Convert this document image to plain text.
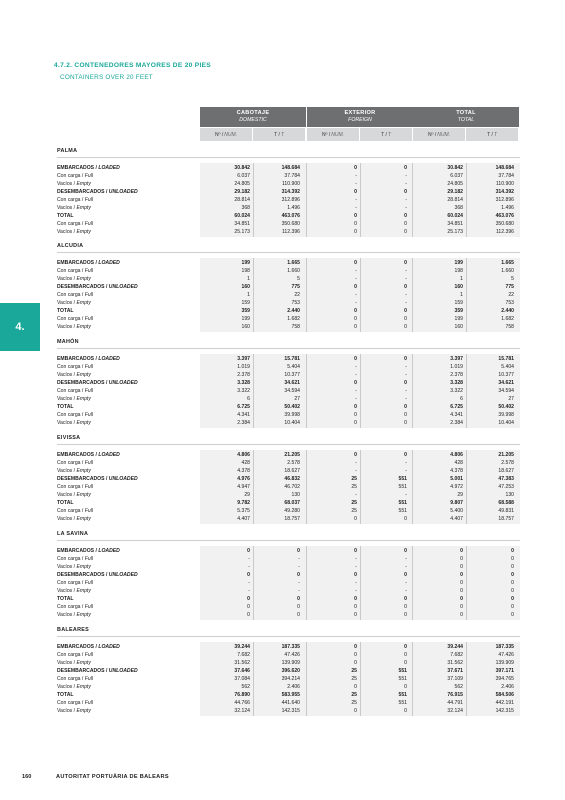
4.7.2. CONTENEDORES MAYORES DE 20 PIES
CONTAINERS OVER 20 FEET
4.
CABOTAJE
DOMESTIC
Nº / NUM.	T / T
EXTERIOR
FOREIGN
Nº / NUM.	T / T
TOTAL
TOTAL
Nº / NUM.	T / T
PALMA
EMBARCADOS / LOADED	30.842	148.684	0	0	30.842	148.684
Con carga / Full	6.037	37.784	-	-	6.037	37.784
Vacíos / Empty	24.805	110.900	-	-	24.805	110.900
DESEMBARCADOS / UNLOADED	29.182	314.392	0	0	29.182	314.392
Con carga / Full	28.814	312.896	-	-	28.814	312.896
Vacíos / Empty	368	1.496	-	-	368	1.496
TOTAL	60.024	463.076	0	0	60.024	463.076
Con carga / Full	34.851	350.680	0	0	34.851	350.680
Vacíos / Empty	25.173	112.396	0	0	25.173	112.396
ALCUDIA
EMBARCADOS / LOADED	199	1.665	0	0	199	1.665
Con carga / Full	198	1.660	-	-	198	1.660
Vacíos / Empty	1	5	-	-	1	5
DESEMBARCADOS / UNLOADED	160	775	0	0	160	775
Con carga / Full	1	22	-	-	1	22
Vacíos / Empty	159	753	-	-	159	753
TOTAL	359	2.440	0	0	359	2.440
Con carga / Full	199	1.682	0	0	199	1.682
Vacíos / Empty	160	758	0	0	160	758
MAHÓN
EMBARCADOS / LOADED	3.397	15.781	0	0	3.397	15.781
Con carga / Full	1.019	5.404	-	-	1.019	5.404
Vacíos / Empty	2.378	10.377	-	-	2.378	10.377
DESEMBARCADOS / UNLOADED	3.328	34.621	0	0	3.328	34.621
Con carga / Full	3.322	34.594	-	-	3.322	34.594
Vacíos / Empty	6	27	-	-	6	27
TOTAL	6.725	50.402	0	0	6.725	50.402
Con carga / Full	4.341	39.998	0	0	4.341	39.998
Vacíos / Empty	2.384	10.404	0	0	2.384	10.404
EIVISSA
EMBARCADOS / LOADED	4.806	21.205	0	0	4.806	21.205
Con carga / Full	428	2.578	-	-	428	2.578
Vacíos / Empty	4.378	18.627	-	-	4.378	18.627
DESEMBARCADOS / UNLOADED	4.976	46.832	25	551	5.001	47.383
Con carga / Full	4.947	46.702	25	551	4.972	47.253
Vacíos / Empty	29	130	-	-	29	130
TOTAL	9.782	68.037	25	551	9.807	68.588
Con carga / Full	5.375	49.280	25	551	5.400	49.831
Vacíos / Empty	4.407	18.757	0	0	4.407	18.757
LA SAVINA
EMBARCADOS / LOADED	0	0	0	0	0	0
Con carga / Full	-	-	-	-	0	0
Vacíos / Empty	-	-	-	-	0	0
DESEMBARCADOS / UNLOADED	0	0	0	0	0	0
Con carga / Full	-	-	-	-	0	0
Vacíos / Empty	-	-	-	-	0	0
TOTAL	0	0	0	0	0	0
Con carga / Full	0	0	0	0	0	0
Vacíos / Empty	0	0	0	0	0	0
BALEARES
EMBARCADOS / LOADED	39.244	187.335	0	0	39.244	187.335
Con carga / Full	7.682	47.426	0	0	7.682	47.426
Vacíos / Empty	31.562	139.909	0	0	31.562	139.909
DESEMBARCADOS / UNLOADED	37.646	396.620	25	551	37.671	397.171
Con carga / Full	37.084	394.214	25	551	37.109	394.765
Vacíos / Empty	562	2.406	0	0	562	2.406
TOTAL	76.890	583.955	25	551	76.915	584.506
Con carga / Full	44.766	441.640	25	551	44.791	442.191
Vacíos / Empty	32.124	142.315	0	0	32.124	142.315
160	AUTORITAT PORTUÀRIA DE BALEARS
